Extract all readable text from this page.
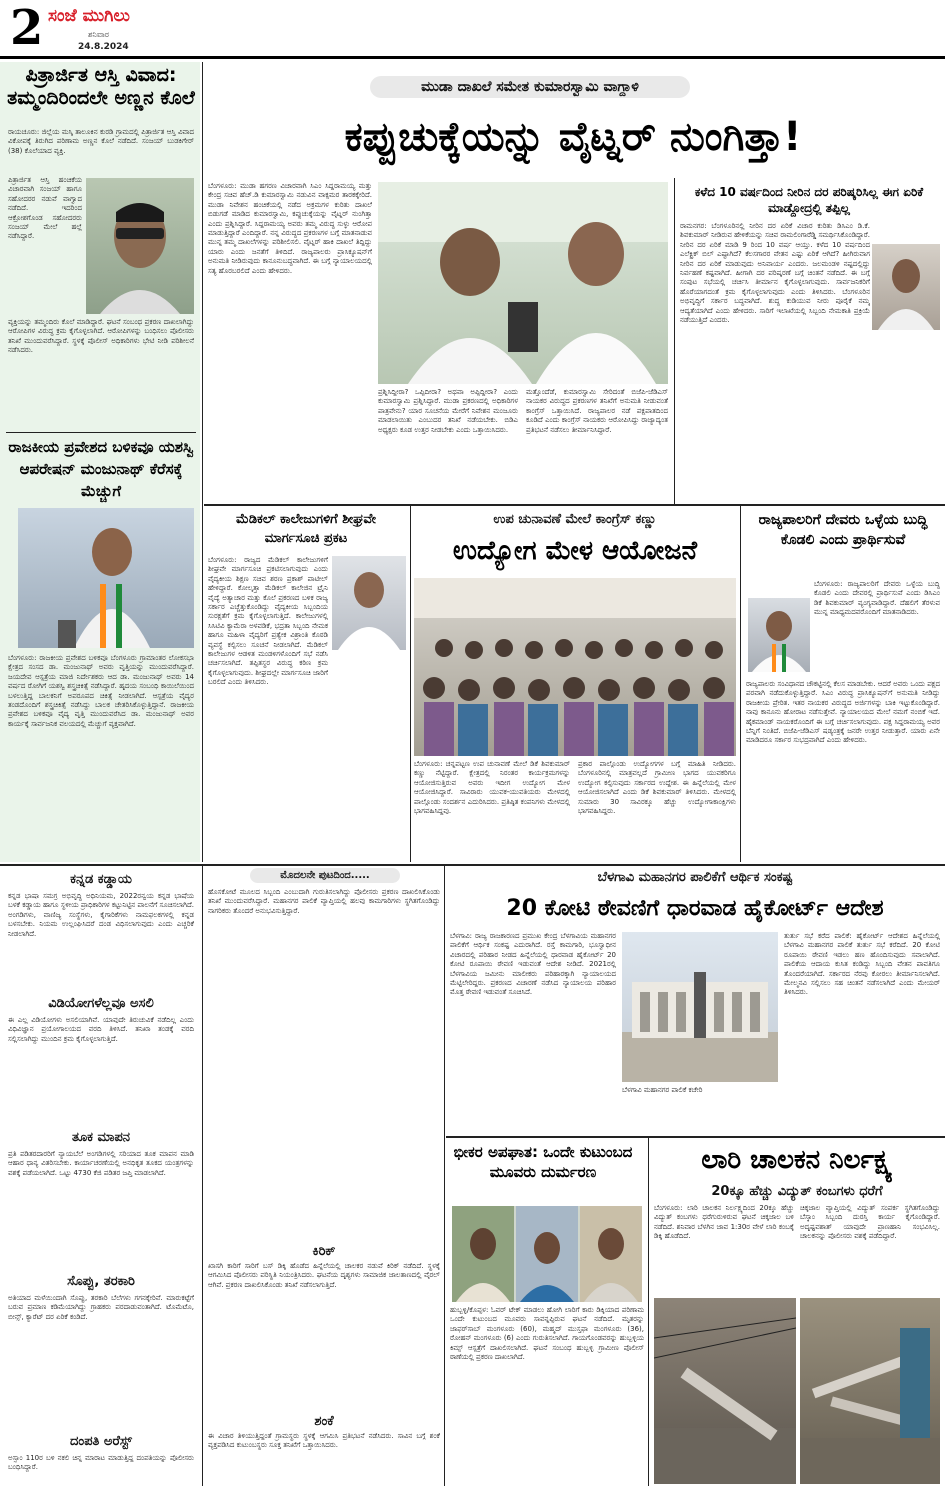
2 ಸಂಜೆ ಮುಗಿಲು
ಶನಿವಾರ
24.8.2024
ಪಿತ್ರಾರ್ಜಿತ ಆಸ್ತಿ ವಿವಾದ: ತಮ್ಮಂದಿರಿಂದಲೇ ಅಣ್ಣನ ಕೊಲೆ
ರಾಯಚೂರು: ಜಿಲ್ಲೆಯ ಮಸ್ಕಿ ತಾಲೂಕಿನ ಕುರಡಿ ಗ್ರಾಮದಲ್ಲಿ ಪಿತ್ರಾರ್ಜಿತ ಆಸ್ತಿ ವಿವಾದ ವಿಕೋಪಕ್ಕೆ ತಿರುಗಿದ ಪರಿಣಾಮ ಅಣ್ಣನ ಕೊಲೆ ನಡೆದಿದೆ. ಸಂಜಯ್ ಬುಡಕಿಗೇರ್ (38) ಕೊಲೆಯಾದ ವ್ಯಕ್ತಿ.
ಪಿತ್ರಾರ್ಜಿತ ಆಸ್ತಿ ಹಂಚಿಕೆಯ ವಿಚಾರವಾಗಿ ಸಂಜಯ್ ಹಾಗೂ ಸಹೋದರರ ನಡುವೆ ವಾಗ್ವಾದ ನಡೆದಿದೆ. ಇದರಿಂದ ಆಕ್ರೋಶಗೊಂಡ ಸಹೋದರರು ಸಂಜಯ್ ಮೇಲೆ ಹಲ್ಲೆ ನಡೆಸಿದ್ದಾರೆ.
ವ್ಯಕ್ತಿಯನ್ನು ತಮ್ಮಂದಿರು ಕೊಲೆ ಮಾಡಿದ್ದಾರೆ. ಘಟನೆ ಸಂಬಂಧ ಪ್ರಕರಣ ದಾಖಲಾಗಿದ್ದು ಆರೋಪಿಗಳ ವಿರುದ್ಧ ಕ್ರಮ ಕೈಗೊಳ್ಳಲಾಗಿದೆ. ಆರೋಪಿಗಳನ್ನು ಬಂಧಿಸಲು ಪೊಲೀಸರು ತನಿಖೆ ಮುಂದುವರೆಸಿದ್ದಾರೆ. ಸ್ಥಳಕ್ಕೆ ಪೊಲೀಸ್ ಅಧಿಕಾರಿಗಳು ಭೇಟಿ ನೀಡಿ ಪರಿಶೀಲನೆ ನಡೆಸಿದರು.
ರಾಜಕೀಯ ಪ್ರವೇಶದ ಬಳಿಕವೂ ಯಶಸ್ವಿ ಆಪರೇಷನ್ ಮಂಜುನಾಥ್ ಕೆರೆಸಕ್ಕೆ ಮೆಚ್ಚುಗೆ
ಬೆಂಗಳೂರು: ರಾಜಕೀಯ ಪ್ರವೇಶದ ಬಳಿಕವೂ ಬೆಂಗಳೂರು ಗ್ರಾಮಾಂತರ ಲೋಕಸಭಾ ಕ್ಷೇತ್ರದ ಸಂಸದ ಡಾ. ಮಂಜುನಾಥ್ ಅವರು ವೃತ್ತಿಯನ್ನು ಮುಂದುವರೆಸಿದ್ದಾರೆ. ಜಯದೇವ ಆಸ್ಪತ್ರೆಯ ಮಾಜಿ ನಿರ್ದೇಶಕರು ಆದ ಡಾ. ಮಂಜುನಾಥ್ ಅವರು 14 ವರ್ಷದ ರೋಗಿಗೆ ಯಶಸ್ವಿ ಶಸ್ತ್ರಚಿಕಿತ್ಸೆ ನಡೆಸಿದ್ದಾರೆ. ಹೃದಯ ಸಂಬಂಧಿ ಕಾಯಿಲೆಯಿಂದ ಬಳಲುತ್ತಿದ್ದ ಬಾಲಕನಿಗೆ ಅಪರೂಪದ ಚಿಕಿತ್ಸೆ ನೀಡಲಾಗಿದೆ. ಆಸ್ಪತ್ರೆಯ ವೈದ್ಯರ ತಂಡದೊಂದಿಗೆ ಶಸ್ತ್ರಚಿಕಿತ್ಸೆ ನಡೆಸಿದ್ದು ಬಾಲಕ ಚೇತರಿಸಿಕೊಳ್ಳುತ್ತಿದ್ದಾನೆ. ರಾಜಕೀಯ ಪ್ರವೇಶದ ಬಳಿಕವೂ ವೈದ್ಯ ವೃತ್ತಿ ಮುಂದುವರೆಸಿದ ಡಾ. ಮಂಜುನಾಥ್ ಅವರ ಕಾರ್ಯಕ್ಕೆ ಸಾರ್ವಜನಿಕ ವಲಯದಲ್ಲಿ ಮೆಚ್ಚುಗೆ ವ್ಯಕ್ತವಾಗಿದೆ.
ಮುಡಾ ದಾಖಲೆ ಸಮೇತ ಕುಮಾರಸ್ವಾಮಿ ವಾಗ್ದಾಳಿ
ಕಪ್ಪುಚುಕ್ಕೆಯನ್ನು ವೈಟ್ನರ್ ನುಂಗಿತ್ತಾ!
ಬೆಂಗಳೂರು: ಮುಡಾ ಹಗರಣ ವಿಚಾರವಾಗಿ ಸಿಎಂ ಸಿದ್ದರಾಮಯ್ಯ ಮತ್ತು ಕೇಂದ್ರ ಸಚಿವ ಹೆಚ್.ಡಿ ಕುಮಾರಸ್ವಾಮಿ ನಡುವಿನ ವಾಕ್ಸಮರ ತಾರಕಕ್ಕೇರಿದೆ. ಮುಡಾ ನಿವೇಶನ ಹಂಚಿಕೆಯಲ್ಲಿ ನಡೆದ ಅಕ್ರಮಗಳ ಕುರಿತು ದಾಖಲೆ ಬಿಡುಗಡೆ ಮಾಡಿದ ಕುಮಾರಸ್ವಾಮಿ, ಕಪ್ಪುಚುಕ್ಕೆಯನ್ನು ವೈಟ್ನರ್ ನುಂಗಿತ್ತಾ ಎಂದು ಪ್ರಶ್ನಿಸಿದ್ದಾರೆ. ಸಿದ್ದರಾಮಯ್ಯ ಅವರು ತಮ್ಮ ವಿರುದ್ಧ ಸುಳ್ಳು ಆರೋಪ ಮಾಡುತ್ತಿದ್ದಾರೆ ಎಂದಿದ್ದಾರೆ. ನನ್ನ ವಿರುದ್ಧದ ಪ್ರಕರಣಗಳ ಬಗ್ಗೆ ಮಾತನಾಡುವ ಮುನ್ನ ತಮ್ಮ ದಾಖಲೆಗಳನ್ನು ಪರಿಶೀಲಿಸಲಿ. ವೈಟ್ನರ್ ಹಾಕಿ ದಾಖಲೆ ತಿದ್ದಿದ್ದು ಯಾರು ಎಂದು ಜನತೆಗೆ ತಿಳಿದಿದೆ. ರಾಜ್ಯಪಾಲರು ಪ್ರಾಸಿಕ್ಯೂಷನ್‌ಗೆ ಅನುಮತಿ ನೀಡಿರುವುದು ಕಾನೂನುಬದ್ಧವಾಗಿದೆ. ಈ ಬಗ್ಗೆ ನ್ಯಾಯಾಲಯದಲ್ಲಿ ಸತ್ಯ ಹೊರಬರಲಿದೆ ಎಂದು ಹೇಳಿದರು.
ಪ್ರಶ್ನಿಸಿದ್ದೀರಾ? ಒಪ್ಪಿದೀರಾ? ಅಥವಾ ಅಪ್ಪಿದ್ದೀರಾ? ಎಂದು ಕುಮಾರಸ್ವಾಮಿ ಪ್ರಶ್ನಿಸಿದ್ದಾರೆ. ಮುಡಾ ಪ್ರಕರಣದಲ್ಲಿ ಅಧಿಕಾರಿಗಳ ಪಾತ್ರವೇನು? ಯಾರ ಸೂಚನೆಯ ಮೇರೆಗೆ ನಿವೇಶನ ಮಂಜೂರು ಮಾಡಲಾಯಿತು ಎಂಬುದರ ತನಿಖೆ ನಡೆಯಬೇಕು. ಬಿಡಿಎ ಅಧ್ಯಕ್ಷರು ಕೂಡ ಉತ್ತರ ನೀಡಬೇಕು ಎಂದು ಒತ್ತಾಯಿಸಿದರು.
ಮತ್ತೊಂದೆಡೆ, ಕುಮಾರಸ್ವಾಮಿ ಸೇರಿದಂತೆ ಬಿಜೆಪಿ-ಜೆಡಿಎಸ್ ನಾಯಕರ ವಿರುದ್ಧದ ಪ್ರಕರಣಗಳ ತನಿಖೆಗೆ ಅನುಮತಿ ನೀಡುವಂತೆ ಕಾಂಗ್ರೆಸ್ ಒತ್ತಾಯಿಸಿದೆ. ರಾಜ್ಯಪಾಲರ ನಡೆ ಪಕ್ಷಪಾತದಿಂದ ಕೂಡಿದೆ ಎಂದು ಕಾಂಗ್ರೆಸ್ ನಾಯಕರು ಆರೋಪಿಸಿದ್ದು ರಾಜ್ಯಾದ್ಯಂತ ಪ್ರತಿಭಟನೆ ನಡೆಸಲು ತೀರ್ಮಾನಿಸಿದ್ದಾರೆ.
ಕಳೆದ 10 ವರ್ಷದಿಂದ ನೀರಿನ ದರ ಪರಿಷ್ಕರಿಸಿಲ್ಲ ಈಗ ಏರಿಕೆ ಮಾಡ್ದೋದ್ರಲ್ಲಿ ತಪ್ಪಿಲ್ಲ
ರಾಮನಗರ: ಬೆಂಗಳೂರಿನಲ್ಲಿ ನೀರಿನ ದರ ಏರಿಕೆ ವಿಚಾರ ಕುರಿತು ಡಿಸಿಎಂ ಡಿ.ಕೆ. ಶಿವಕುಮಾರ್ ನೀಡಿರುವ ಹೇಳಿಕೆಯನ್ನು ಸಚಿವ ರಾಮಲಿಂಗಾರೆಡ್ಡಿ ಸಮರ್ಥಿಸಿಕೊಂಡಿದ್ದಾರೆ. ನೀರಿನ ದರ ಏರಿಕೆ ಮಾಡಿ 9 ರಿಂದ 10 ವರ್ಷ ಆಯ್ತು. ಕಳೆದ 10 ವರ್ಷದಿಂದ ಎಲೆಕ್ಟ್ರಿಕ್ ಬಿಲ್ ಎಷ್ಟಾಗಿದೆ? ಕೆಲಸಗಾರರ ವೇತನ ಎಷ್ಟು ಏರಿಕೆ ಆಗಿದೆ? ಹೀಗಿರುವಾಗ ನೀರಿನ ದರ ಏರಿಕೆ ಮಾಡುವುದು ಅನಿವಾರ್ಯ ಎಂದರು. ಜಲಮಂಡಳಿ ನಷ್ಟದಲ್ಲಿದ್ದು ನಿರ್ವಹಣೆ ಕಷ್ಟವಾಗಿದೆ. ಹೀಗಾಗಿ ದರ ಪರಿಷ್ಕರಣೆ ಬಗ್ಗೆ ಚಿಂತನೆ ನಡೆದಿದೆ. ಈ ಬಗ್ಗೆ ಸಂಪುಟ ಸಭೆಯಲ್ಲಿ ಚರ್ಚಿಸಿ ತೀರ್ಮಾನ ಕೈಗೊಳ್ಳಲಾಗುವುದು. ಸಾರ್ವಜನಿಕರಿಗೆ ಹೊರೆಯಾಗದಂತೆ ಕ್ರಮ ಕೈಗೊಳ್ಳಲಾಗುವುದು ಎಂದು ತಿಳಿಸಿದರು. ಬೆಂಗಳೂರಿನ ಅಭಿವೃದ್ಧಿಗೆ ಸರ್ಕಾರ ಬದ್ಧವಾಗಿದೆ. ಶುದ್ಧ ಕುಡಿಯುವ ನೀರು ಪೂರೈಕೆ ನಮ್ಮ ಆದ್ಯತೆಯಾಗಿದೆ ಎಂದು ಹೇಳಿದರು. ಸಾರಿಗೆ ಇಲಾಖೆಯಲ್ಲಿ ಸಿಬ್ಬಂದಿ ನೇಮಕಾತಿ ಪ್ರಕ್ರಿಯೆ ನಡೆಯುತ್ತಿದೆ ಎಂದರು.
ಮೆಡಿಕಲ್ ಕಾಲೇಜುಗಳಿಗೆ ಶೀಘ್ರವೇ ಮಾರ್ಗಸೂಚಿ ಪ್ರಕಟ
ಬೆಂಗಳೂರು: ರಾಜ್ಯದ ಮೆಡಿಕಲ್ ಕಾಲೇಜುಗಳಿಗೆ ಶೀಘ್ರವೇ ಮಾರ್ಗಸೂಚಿ ಪ್ರಕಟಿಸಲಾಗುವುದು ಎಂದು ವೈದ್ಯಕೀಯ ಶಿಕ್ಷಣ ಸಚಿವ ಶರಣ ಪ್ರಕಾಶ್ ಪಾಟೀಲ್ ಹೇಳಿದ್ದಾರೆ. ಕೋಲ್ಕತ್ತಾ ಮೆಡಿಕಲ್ ಕಾಲೇಜಿನ ಟ್ರೈನಿ ವೈದ್ಯೆ ಅತ್ಯಾಚಾರ ಮತ್ತು ಕೊಲೆ ಪ್ರಕರಣದ ಬಳಿಕ ರಾಜ್ಯ ಸರ್ಕಾರ ಎಚ್ಚೆತ್ತುಕೊಂಡಿದ್ದು ವೈದ್ಯಕೀಯ ಸಿಬ್ಬಂದಿಯ ಸುರಕ್ಷತೆಗೆ ಕ್ರಮ ಕೈಗೊಳ್ಳಲಾಗುತ್ತಿದೆ. ಕಾಲೇಜುಗಳಲ್ಲಿ ಸಿಸಿಟಿವಿ ಕ್ಯಾಮೆರಾ ಅಳವಡಿಕೆ, ಭದ್ರತಾ ಸಿಬ್ಬಂದಿ ನೇಮಕ ಹಾಗೂ ಮಹಿಳಾ ವೈದ್ಯರಿಗೆ ಪ್ರತ್ಯೇಕ ವಿಶ್ರಾಂತಿ ಕೊಠಡಿ ವ್ಯವಸ್ಥೆ ಕಲ್ಪಿಸಲು ಸೂಚನೆ ನೀಡಲಾಗಿದೆ. ಮೆಡಿಕಲ್ ಕಾಲೇಜುಗಳ ಆಡಳಿತ ಮಂಡಳಿಗಳೊಂದಿಗೆ ಸಭೆ ನಡೆಸಿ ಚರ್ಚಿಸಲಾಗಿದೆ. ತಪ್ಪಿತಸ್ಥರ ವಿರುದ್ಧ ಕಠಿಣ ಕ್ರಮ ಕೈಗೊಳ್ಳಲಾಗುವುದು. ಶೀಘ್ರದಲ್ಲೇ ಮಾರ್ಗಸೂಚಿ ಜಾರಿಗೆ ಬರಲಿದೆ ಎಂದು ತಿಳಿಸಿದರು.
ಉಪ ಚುನಾವಣೆ ಮೇಲೆ ಕಾಂಗ್ರೆಸ್ ಕಣ್ಣು
ಉದ್ಯೋಗ ಮೇಳ ಆಯೋಜನೆ
ಬೆಂಗಳೂರು: ಚನ್ನಪಟ್ಟಣ ಉಪ ಚುನಾವಣೆ ಮೇಲೆ ಡಿಕೆ ಶಿವಕುಮಾರ್ ಕಣ್ಣು ನೆಟ್ಟಿದ್ದಾರೆ. ಕ್ಷೇತ್ರದಲ್ಲಿ ನಿರಂತರ ಕಾರ್ಯಕ್ರಮಗಳನ್ನು ಆಯೋಜಿಸುತ್ತಿರುವ ಅವರು ಇದೀಗ ಉದ್ಯೋಗ ಮೇಳ ಆಯೋಜಿಸಿದ್ದಾರೆ. ಸಾವಿರಾರು ಯುವಕ-ಯುವತಿಯರು ಮೇಳದಲ್ಲಿ ಪಾಲ್ಗೊಂಡು ಸಂದರ್ಶನ ಎದುರಿಸಿದರು. ಪ್ರತಿಷ್ಠಿತ ಕಂಪನಿಗಳು ಮೇಳದಲ್ಲಿ ಭಾಗವಹಿಸಿದ್ದವು.
ಪ್ರಕಾರ ಪಾಲ್ಗೊಂಡು ಉದ್ಯೋಗಗಳ ಬಗ್ಗೆ ಮಾಹಿತಿ ನೀಡಿದರು. ಬೆಂಗಳೂರಿನಲ್ಲಿ ಮಾತ್ರವಲ್ಲದೆ ಗ್ರಾಮೀಣ ಭಾಗದ ಯುವಕರಿಗೂ ಉದ್ಯೋಗ ಕಲ್ಪಿಸುವುದು ಸರ್ಕಾರದ ಉದ್ದೇಶ. ಈ ಹಿನ್ನೆಲೆಯಲ್ಲಿ ಮೇಳ ಆಯೋಜಿಸಲಾಗಿದೆ ಎಂದು ಡಿಕೆ ಶಿವಕುಮಾರ್ ತಿಳಿಸಿದರು. ಮೇಳದಲ್ಲಿ ಸುಮಾರು 30 ಸಾವಿರಕ್ಕೂ ಹೆಚ್ಚು ಉದ್ಯೋಗಾಕಾಂಕ್ಷಿಗಳು ಭಾಗವಹಿಸಿದ್ದರು.
ರಾಜ್ಯಪಾಲರಿಗೆ ದೇವರು ಒಳ್ಳೆಯ ಬುದ್ಧಿ ಕೊಡಲಿ ಎಂದು ಪ್ರಾರ್ಥಿಸುವೆ
ಬೆಂಗಳೂರು: ರಾಜ್ಯಪಾಲರಿಗೆ ದೇವರು ಒಳ್ಳೆಯ ಬುದ್ಧಿ ಕೊಡಲಿ ಎಂದು ದೇವರಲ್ಲಿ ಪ್ರಾರ್ಥಿಸುವೆ ಎಂದು ಡಿಸಿಎಂ ಡಿಕೆ ಶಿವಕುಮಾರ್ ವ್ಯಂಗ್ಯವಾಡಿದ್ದಾರೆ. ದೆಹಲಿಗೆ ತೆರಳುವ ಮುನ್ನ ಮಾಧ್ಯಮದವರೊಂದಿಗೆ ಮಾತನಾಡಿದರು.
ರಾಜ್ಯಪಾಲರು ಸಂವಿಧಾನದ ಚೌಕಟ್ಟಿನಲ್ಲಿ ಕೆಲಸ ಮಾಡಬೇಕು. ಆದರೆ ಅವರು ಒಂದು ಪಕ್ಷದ ಪರವಾಗಿ ನಡೆದುಕೊಳ್ಳುತ್ತಿದ್ದಾರೆ. ಸಿಎಂ ವಿರುದ್ಧ ಪ್ರಾಸಿಕ್ಯೂಷನ್‌ಗೆ ಅನುಮತಿ ನೀಡಿದ್ದು ರಾಜಕೀಯ ಪ್ರೇರಿತ. ಇತರ ನಾಯಕರ ವಿರುದ್ಧದ ಅರ್ಜಿಗಳನ್ನು ಬಾಕಿ ಇಟ್ಟುಕೊಂಡಿದ್ದಾರೆ. ನಾವು ಕಾನೂನು ಹೋರಾಟ ನಡೆಸುತ್ತೇವೆ. ನ್ಯಾಯಾಲಯದ ಮೇಲೆ ನಮಗೆ ನಂಬಿಕೆ ಇದೆ. ಹೈಕಮಾಂಡ್ ನಾಯಕರೊಂದಿಗೆ ಈ ಬಗ್ಗೆ ಚರ್ಚಿಸಲಾಗುವುದು. ಪಕ್ಷ ಸಿದ್ದರಾಮಯ್ಯ ಅವರ ಬೆನ್ನಿಗೆ ನಿಂತಿದೆ. ಬಿಜೆಪಿ-ಜೆಡಿಎಸ್ ಷಡ್ಯಂತ್ರಕ್ಕೆ ಜನರೇ ಉತ್ತರ ನೀಡುತ್ತಾರೆ. ಯಾರು ಏನೇ ಮಾಡಿದರೂ ಸರ್ಕಾರ ಸುಭದ್ರವಾಗಿದೆ ಎಂದು ಹೇಳಿದರು.
ಕನ್ನಡ ಕಡ್ಡಾಯ
ಕನ್ನಡ ಭಾಷಾ ಸಮಗ್ರ ಅಭಿವೃದ್ಧಿ ಅಧಿನಿಯಮ, 2022ರನ್ವಯ ಕನ್ನಡ ಭಾಷೆಯ ಬಳಕೆ ಕಡ್ಡಾಯ ಹಾಗೂ ಸ್ಥಳೀಯ ಪ್ರಾಧಿಕಾರಿಗಳ ಕಟ್ಟುನಿಟ್ಟಿನ ಪಾಲನೆಗೆ ಸೂಚಿಸಲಾಗಿದೆ. ಅಂಗಡಿಗಳು, ವಾಣಿಜ್ಯ ಸಂಸ್ಥೆಗಳು, ಕೈಗಾರಿಕೆಗಳು ನಾಮಫಲಕಗಳಲ್ಲಿ ಕನ್ನಡ ಬಳಸಬೇಕು. ನಿಯಮ ಉಲ್ಲಂಘಿಸಿದರೆ ದಂಡ ವಿಧಿಸಲಾಗುವುದು ಎಂದು ಎಚ್ಚರಿಕೆ ನೀಡಲಾಗಿದೆ.
ವಿಡಿಯೋಗಳೆಲ್ಲವೂ ಅಸಲಿ
ಈ ಎಲ್ಲ ವಿಡಿಯೋಗಳು ಅಸಲಿಯಾಗಿವೆ. ಯಾವುದೇ ತಿರುಚುವಿಕೆ ನಡೆದಿಲ್ಲ ಎಂದು ವಿಧಿವಿಜ್ಞಾನ ಪ್ರಯೋಗಾಲಯದ ವರದಿ ತಿಳಿಸಿದೆ. ತನಿಖಾ ತಂಡಕ್ಕೆ ವರದಿ ಸಲ್ಲಿಸಲಾಗಿದ್ದು ಮುಂದಿನ ಕ್ರಮ ಕೈಗೊಳ್ಳಲಾಗುತ್ತಿದೆ.
ತೂಕ ಮಾಪನ
ಪ್ರತಿ ಪಡಿತರದಾರರಿಗೆ ನ್ಯಾಯಬೆಲೆ ಅಂಗಡಿಗಳಲ್ಲಿ ಸರಿಯಾದ ತೂಕ ಮಾಪನ ಮಾಡಿ ಆಹಾರ ಧಾನ್ಯ ವಿತರಿಸಬೇಕು. ಕಾರ್ಯಾಚರಣೆಯಲ್ಲಿ ಅನಧಿಕೃತ ತೂಕದ ಯಂತ್ರಗಳನ್ನು ವಶಕ್ಕೆ ಪಡೆಯಲಾಗಿದೆ. ಒಟ್ಟು 4730 ಕೆಜಿ ಪಡಿತರ ಜಪ್ತಿ ಮಾಡಲಾಗಿದೆ.
ಸೊಪ್ಪು, ತರಕಾರಿ
ಅತಿಯಾದ ಮಳೆಯಿಂದಾಗಿ ಸೊಪ್ಪು, ತರಕಾರಿ ಬೆಲೆಗಳು ಗಗನಕ್ಕೇರಿವೆ. ಮಾರುಕಟ್ಟೆಗೆ ಬರುವ ಪ್ರಮಾಣ ಕಡಿಮೆಯಾಗಿದ್ದು ಗ್ರಾಹಕರು ಪರದಾಡುವಂತಾಗಿದೆ. ಟೊಮೆಟೊ, ಬೀನ್ಸ್, ಕ್ಯಾರೆಟ್ ದರ ಏರಿಕೆ ಕಂಡಿದೆ.
ದಂಪತಿ ಅರೆಸ್ಟ್
ಅಸ್ಸಾಂ 110ರ ಬಳಿ ನಕಲಿ ಚಿನ್ನ ಮಾರಾಟ ಮಾಡುತ್ತಿದ್ದ ದಂಪತಿಯನ್ನು ಪೊಲೀಸರು ಬಂಧಿಸಿದ್ದಾರೆ.
ಮೊದಲನೇ ಪುಟದಿಂದ.....
ಹೊಸಕೋಟೆ ಮೂಲದ ಸಿಬ್ಬಂದಿ ಎಂಬುದಾಗಿ ಗುರುತಿಸಲಾಗಿದ್ದು ಪೊಲೀಸರು ಪ್ರಕರಣ ದಾಖಲಿಸಿಕೊಂಡು ತನಿಖೆ ಮುಂದುವರೆಸಿದ್ದಾರೆ. ಮಹಾನಗರ ಪಾಲಿಕೆ ವ್ಯಾಪ್ತಿಯಲ್ಲಿ ಹಲವು ಕಾಮಗಾರಿಗಳು ಸ್ಥಗಿತಗೊಂಡಿದ್ದು ನಾಗರಿಕರು ತೊಂದರೆ ಅನುಭವಿಸುತ್ತಿದ್ದಾರೆ.
ಕಿರಿಕ್
ಖಾಸಗಿ ಕಾರಿಗೆ ಸಾರಿಗೆ ಬಸ್ ಡಿಕ್ಕಿ ಹೊಡೆದ ಹಿನ್ನೆಲೆಯಲ್ಲಿ ಚಾಲಕರ ನಡುವೆ ಕಿರಿಕ್ ನಡೆದಿದೆ. ಸ್ಥಳಕ್ಕೆ ಆಗಮಿಸಿದ ಪೊಲೀಸರು ಪರಿಸ್ಥಿತಿ ನಿಯಂತ್ರಿಸಿದರು. ಘಟನೆಯ ದೃಶ್ಯಗಳು ಸಾಮಾಜಿಕ ಜಾಲತಾಣದಲ್ಲಿ ವೈರಲ್ ಆಗಿವೆ. ಪ್ರಕರಣ ದಾಖಲಿಸಿಕೊಂಡು ತನಿಖೆ ನಡೆಸಲಾಗುತ್ತಿದೆ.
ಶಂಕೆ
ಈ ವಿಚಾರ ತಿಳಿಯುತ್ತಿದ್ದಂತೆ ಗ್ರಾಮಸ್ಥರು ಸ್ಥಳಕ್ಕೆ ಆಗಮಿಸಿ ಪ್ರತಿಭಟನೆ ನಡೆಸಿದರು. ಸಾವಿನ ಬಗ್ಗೆ ಶಂಕೆ ವ್ಯಕ್ತಪಡಿಸಿದ ಕುಟುಂಬಸ್ಥರು ಸೂಕ್ತ ತನಿಖೆಗೆ ಒತ್ತಾಯಿಸಿದರು.
ಬೆಳಗಾವಿ ಮಹಾನಗರ ಪಾಲಿಕೆಗೆ ಆರ್ಥಿಕ ಸಂಕಷ್ಟ
20 ಕೋಟಿ ಠೇವಣಿಗೆ ಧಾರವಾಡ ಹೈಕೋರ್ಟ್ ಆದೇಶ
ಬೆಳಗಾವಿ: ರಾಜ್ಯ ರಾಜಕಾರಣದ ಪ್ರಮುಖ ಕೇಂದ್ರ ಬೆಳಗಾವಿಯ ಮಹಾನಗರ ಪಾಲಿಕೆಗೆ ಆರ್ಥಿಕ ಸಂಕಷ್ಟ ಎದುರಾಗಿದೆ. ರಸ್ತೆ ಕಾಮಗಾರಿ, ಭೂಸ್ವಾಧೀನ ವಿಚಾರದಲ್ಲಿ ಪರಿಹಾರ ನೀಡದ ಹಿನ್ನೆಲೆಯಲ್ಲಿ ಧಾರವಾಡ ಹೈಕೋರ್ಟ್ 20 ಕೋಟಿ ರೂಪಾಯಿ ಠೇವಣಿ ಇಡುವಂತೆ ಆದೇಶ ನೀಡಿದೆ. 2021ರಲ್ಲಿ ಬೆಳಗಾವಿಯ ಜಮೀನು ಮಾಲೀಕರು ಪರಿಹಾರಕ್ಕಾಗಿ ನ್ಯಾಯಾಲಯದ ಮೆಟ್ಟಿಲೇರಿದ್ದರು. ಪ್ರಕರಣದ ವಿಚಾರಣೆ ನಡೆಸಿದ ನ್ಯಾಯಾಲಯ ಪರಿಹಾರ ಮೊತ್ತ ಠೇವಣಿ ಇಡುವಂತೆ ಸೂಚಿಸಿದೆ.
ಬೆಳಗಾವಿ ಮಹಾನಗರ ಪಾಲಿಕೆ ಕಚೇರಿ
ತುರ್ತು ಸಭೆ ಕರೆದ ಪಾಲಿಕೆ: ಹೈಕೋರ್ಟ್ ಆದೇಶದ ಹಿನ್ನೆಲೆಯಲ್ಲಿ ಬೆಳಗಾವಿ ಮಹಾನಗರ ಪಾಲಿಕೆ ತುರ್ತು ಸಭೆ ಕರೆದಿದೆ. 20 ಕೋಟಿ ರೂಪಾಯಿ ಠೇವಣಿ ಇಡಲು ಹಣ ಹೊಂದಿಸುವುದು ಸವಾಲಾಗಿದೆ. ಪಾಲಿಕೆಯ ಆದಾಯ ಕುಸಿತ ಕಂಡಿದ್ದು ಸಿಬ್ಬಂದಿ ವೇತನ ಪಾವತಿಗೂ ತೊಂದರೆಯಾಗಿದೆ. ಸರ್ಕಾರದ ನೆರವು ಕೋರಲು ತೀರ್ಮಾನಿಸಲಾಗಿದೆ. ಮೇಲ್ಮನವಿ ಸಲ್ಲಿಸಲು ಸಹ ಚಿಂತನೆ ನಡೆಸಲಾಗಿದೆ ಎಂದು ಮೇಯರ್ ತಿಳಿಸಿದರು.
ಭೀಕರ ಅಪಘಾತ: ಒಂದೇ ಕುಟುಂಬದ ಮೂವರು ದುರ್ಮರಣ
ಹುಬ್ಬಳ್ಳಿ/ಕೊಪ್ಪಳ: ಓವರ್ ಟೇಕ್ ಮಾಡಲು ಹೋಗಿ ಲಾರಿಗೆ ಕಾರು ಡಿಕ್ಕಿಯಾದ ಪರಿಣಾಮ ಒಂದೇ ಕುಟುಂಬದ ಮೂವರು ಸಾವನ್ನಪ್ಪಿರುವ ಘಟನೆ ನಡೆದಿದೆ. ಮೃತರನ್ನು ಜಾಫರ್‌ಸಾಬ್ ಮಂಗಳೂರು (60), ಮಹ್ಮದ್ ಮುಸ್ತಫಾ ಮಂಗಳೂರು (36), ರೋಹನ್ ಮಂಗಳೂರು (6) ಎಂದು ಗುರುತಿಸಲಾಗಿದೆ. ಗಾಯಗೊಂಡವರನ್ನು ಹುಬ್ಬಳ್ಳಿಯ ಕಿಮ್ಸ್ ಆಸ್ಪತ್ರೆಗೆ ದಾಖಲಿಸಲಾಗಿದೆ. ಘಟನೆ ಸಂಬಂಧ ಹುಬ್ಬಳ್ಳಿ ಗ್ರಾಮೀಣ ಪೊಲೀಸ್ ಠಾಣೆಯಲ್ಲಿ ಪ್ರಕರಣ ದಾಖಲಾಗಿದೆ.
ಲಾರಿ ಚಾಲಕನ ನಿರ್ಲಕ್ಷ್ಯ
20ಕ್ಕೂ ಹೆಚ್ಚು ವಿದ್ಯುತ್ ಕಂಬಗಳು ಧರೆಗೆ
ಬೆಂಗಳೂರು: ಲಾರಿ ಚಾಲಕನ ನಿರ್ಲಕ್ಷ್ಯದಿಂದ 20ಕ್ಕೂ ಹೆಚ್ಚು ವಿದ್ಯುತ್ ಕಂಬಗಳು ಧರೆಗುರುಳಿರುವ ಘಟನೆ ಚಿಕ್ಕಜಾಲ ಬಳಿ ನಡೆದಿದೆ. ಶನಿವಾರ ಬೆಳಗಿನ ಜಾವ 1:30ರ ವೇಳೆ ಲಾರಿ ಕಂಬಕ್ಕೆ ಡಿಕ್ಕಿ ಹೊಡೆದಿದೆ.
ಚಿಕ್ಕಜಾಲ ವ್ಯಾಪ್ತಿಯಲ್ಲಿ ವಿದ್ಯುತ್ ಸಂಪರ್ಕ ಸ್ಥಗಿತಗೊಂಡಿದ್ದು ಬೆಸ್ಕಾಂ ಸಿಬ್ಬಂದಿ ದುರಸ್ತಿ ಕಾರ್ಯ ಕೈಗೊಂಡಿದ್ದಾರೆ. ಅದೃಷ್ಟವಶಾತ್ ಯಾವುದೇ ಪ್ರಾಣಹಾನಿ ಸಂಭವಿಸಿಲ್ಲ. ಚಾಲಕನನ್ನು ಪೊಲೀಸರು ವಶಕ್ಕೆ ಪಡೆದಿದ್ದಾರೆ.
